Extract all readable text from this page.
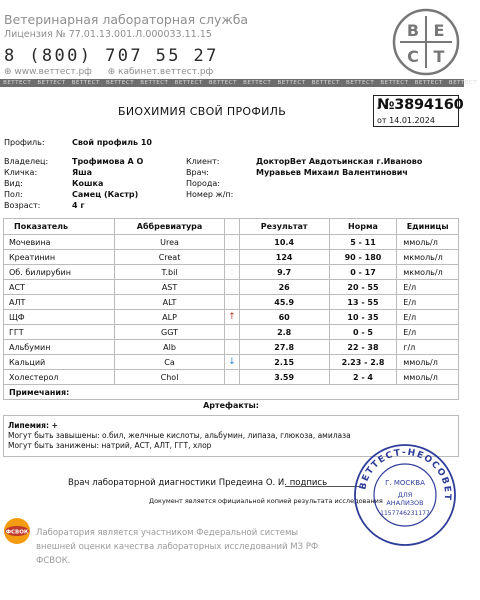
Ветеринарная лабораторная служба
Лицензия № 77.01.13.001.Л.000033.11.15
8 (800) 707 55 27
⊕ www.веттест.рф ⊕ кабинет.веттест.рф
В Е
С Т
ВЕТТЕСТ ВЕТТЕСТ ВЕТТЕСТ ВЕТТЕСТ ВЕТТЕСТ ВЕТТЕСТ ВЕТТЕСТ ВЕТТЕСТ ВЕТТЕСТ ВЕТТЕСТ ВЕТТЕСТ ВЕТТЕСТ ВЕТТЕСТ ВЕТТЕСТ
БИОХИМИЯ СВОЙ ПРОФИЛЬ	№3894160
от 14.01.2024
Профиль:	Свой профиль 10
Владелец:	Трофимова А О
Кличка:	Яша
Вид:	Кошка
Пол:	Самец (Кастр)
Возраст:	4 г
Клиент:	ДокторВет Авдотьинская г.Иваново
Врач:	Муравьев Михаил Валентинович
Порода:
Номер ж/п:
Показатель	Аббревиатура		Результат	Норма	Единицы
Мочевина	Urea		10.4	5 - 11	ммоль/л
Креатинин	Creat		124	90 - 180	мкмоль/л
Об. билирубин	T.bil		9.7	0 - 17	мкмоль/л
АСТ	AST		26	20 - 55	Е/л
АЛТ	ALT		45.9	13 - 55	Е/л
ЩФ	ALP	↑	60	10 - 35	Е/л
ГГТ	GGT		2.8	0 - 5	Е/л
Альбумин	Alb		27.8	22 - 38	г/л
Кальций	Ca	↓	2.15	2.23 - 2.8	ммоль/л
Холестерол	Chol		3.59	2 - 4	ммоль/л
Примечания:					
Артефакты:
Липемия: +
Могут быть завышены: о.бил, желчные кислоты, альбумин, липаза, глюкоза, амилаза
Могут быть занижены: натрий, АСТ, АЛТ, ГГТ, хлор
Врач лабораторной диагностики Предеина О. И. подпись
Документ является официальной копией результата исследования
ВЕТТЕСТ-НЕОСОВЕТ
Г. МОСКВА
ДЛЯ
АНАЛИЗОВ
1157746231177
ФСВОК Лаборатория является участником Федеральной системы внешней оценки качества лабораторных исследований МЗ РФ ФСВОК.
